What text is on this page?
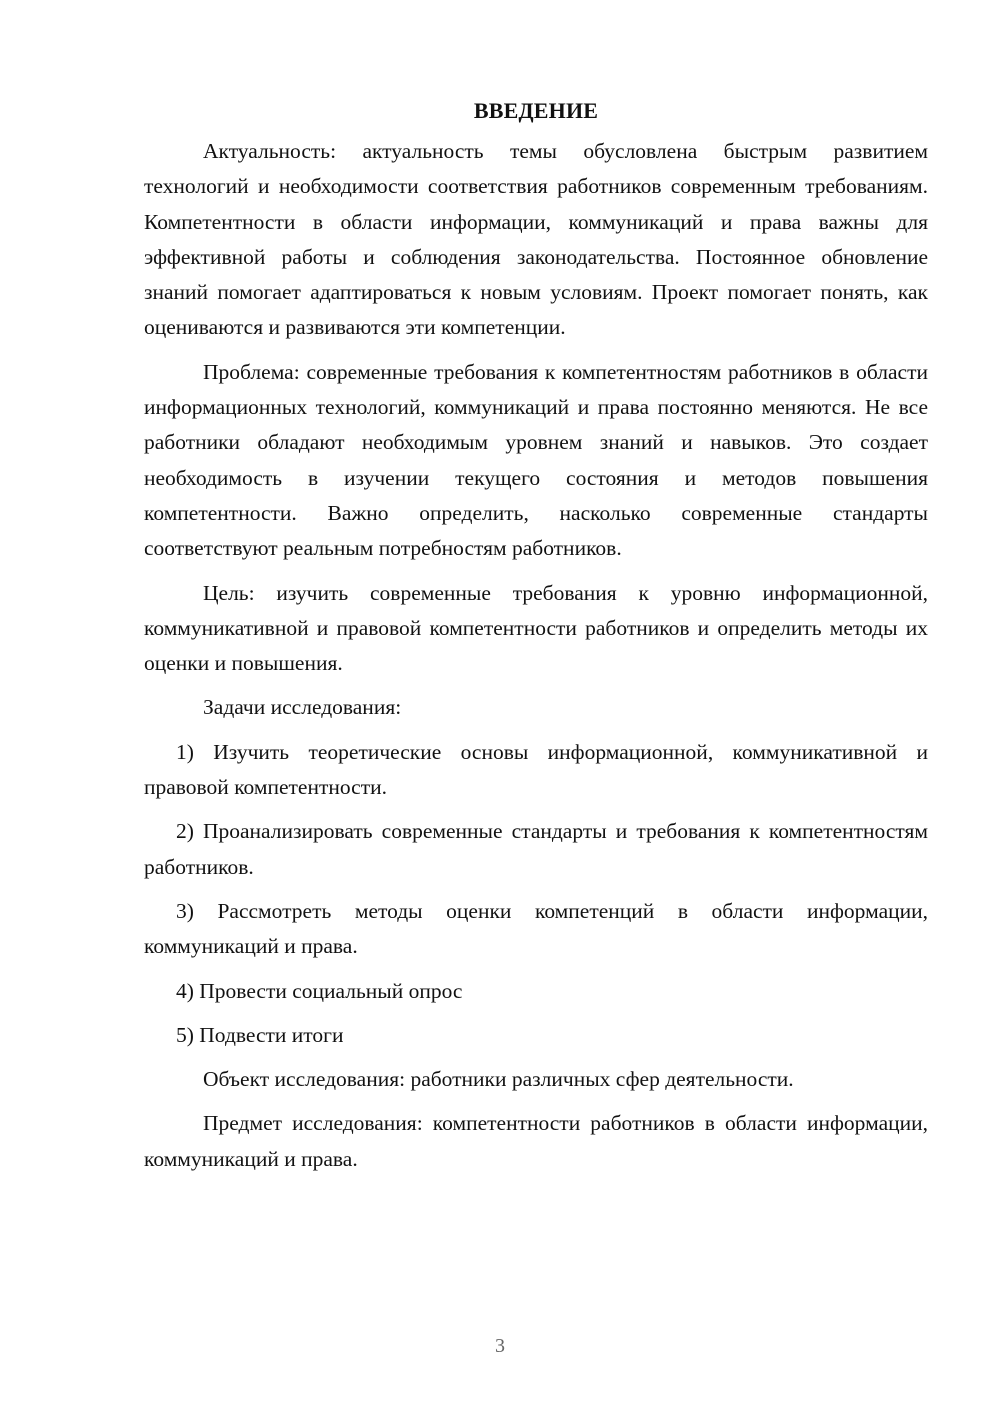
ВВЕДЕНИЕ

Актуальность: актуальность темы обусловлена быстрым развитием технологий и необходимости соответствия работников современным требованиям. Компетентности в области информации, коммуникаций и права важны для эффективной работы и соблюдения законодательства. Постоянное обновление знаний помогает адаптироваться к новым условиям. Проект помогает понять, как оцениваются и развиваются эти компетенции.

Проблема: современные требования к компетентностям работников в области информационных технологий, коммуникаций и права постоянно меняются. Не все работники обладают необходимым уровнем знаний и навыков. Это создает необходимость в изучении текущего состояния и методов повышения компетентности. Важно определить, насколько современные стандарты соответствуют реальным потребностям работников.

Цель: изучить современные требования к уровню информационной, коммуникативной и правовой компетентности работников и определить методы их оценки и повышения.

Задачи исследования:

1) Изучить теоретические основы информационной, коммуникативной и правовой компетентности.

2) Проанализировать современные стандарты и требования к компетентностям работников.

3) Рассмотреть методы оценки компетенций в области информации, коммуникаций и права.

4) Провести социальный опрос

5) Подвести итоги

Объект исследования: работники различных сфер деятельности.

Предмет исследования: компетентности работников в области информации, коммуникаций и права.

3
